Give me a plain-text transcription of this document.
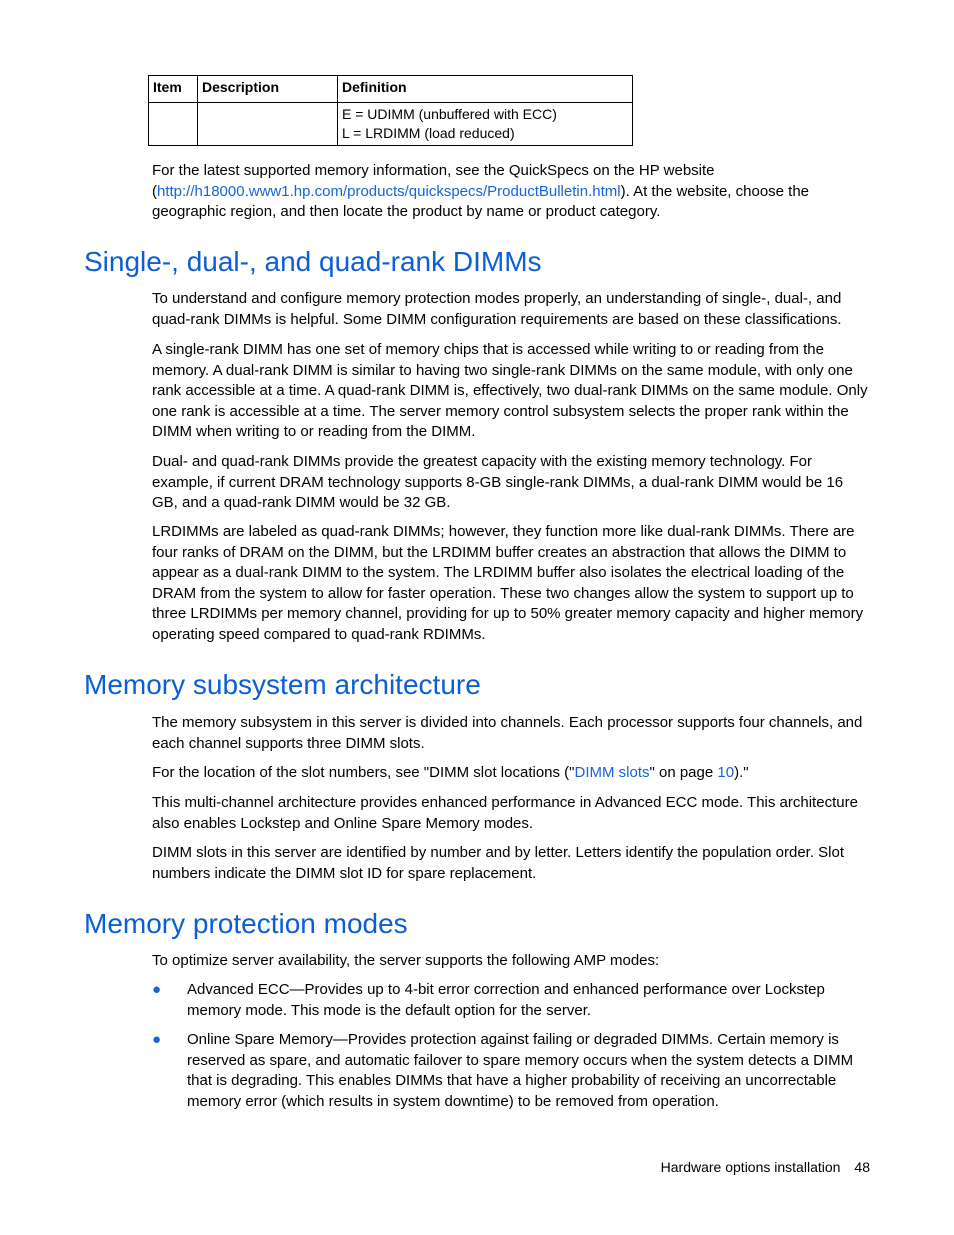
Item	Description	Definition

		E = UDIMM (unbuffered with ECC)
L = LRDIMM (load reduced)

For the latest supported memory information, see the QuickSpecs on the HP website (http://h18000.www1.hp.com/products/quickspecs/ProductBulletin.html). At the website, choose the geographic region, and then locate the product by name or product category.

Single-, dual-, and quad-rank DIMMs

To understand and configure memory protection modes properly, an understanding of single-, dual-, and quad-rank DIMMs is helpful. Some DIMM configuration requirements are based on these classifications.

A single-rank DIMM has one set of memory chips that is accessed while writing to or reading from the memory. A dual-rank DIMM is similar to having two single-rank DIMMs on the same module, with only one rank accessible at a time. A quad-rank DIMM is, effectively, two dual-rank DIMMs on the same module. Only one rank is accessible at a time. The server memory control subsystem selects the proper rank within the DIMM when writing to or reading from the DIMM.

Dual- and quad-rank DIMMs provide the greatest capacity with the existing memory technology. For example, if current DRAM technology supports 8-GB single-rank DIMMs, a dual-rank DIMM would be 16 GB, and a quad-rank DIMM would be 32 GB.

LRDIMMs are labeled as quad-rank DIMMs; however, they function more like dual-rank DIMMs. There are four ranks of DRAM on the DIMM, but the LRDIMM buffer creates an abstraction that allows the DIMM to appear as a dual-rank DIMM to the system. The LRDIMM buffer also isolates the electrical loading of the DRAM from the system to allow for faster operation. These two changes allow the system to support up to three LRDIMMs per memory channel, providing for up to 50% greater memory capacity and higher memory operating speed compared to quad-rank RDIMMs.

Memory subsystem architecture

The memory subsystem in this server is divided into channels. Each processor supports four channels, and each channel supports three DIMM slots.

For the location of the slot numbers, see "DIMM slot locations ("DIMM slots" on page 10)."

This multi-channel architecture provides enhanced performance in Advanced ECC mode. This architecture also enables Lockstep and Online Spare Memory modes.

DIMM slots in this server are identified by number and by letter. Letters identify the population order. Slot numbers indicate the DIMM slot ID for spare replacement.

Memory protection modes

To optimize server availability, the server supports the following AMP modes:

● Advanced ECC—Provides up to 4-bit error correction and enhanced performance over Lockstep memory mode. This mode is the default option for the server.
● Online Spare Memory—Provides protection against failing or degraded DIMMs. Certain memory is reserved as spare, and automatic failover to spare memory occurs when the system detects a DIMM that is degrading. This enables DIMMs that have a higher probability of receiving an uncorrectable memory error (which results in system downtime) to be removed from operation.
Hardware options installation 48
